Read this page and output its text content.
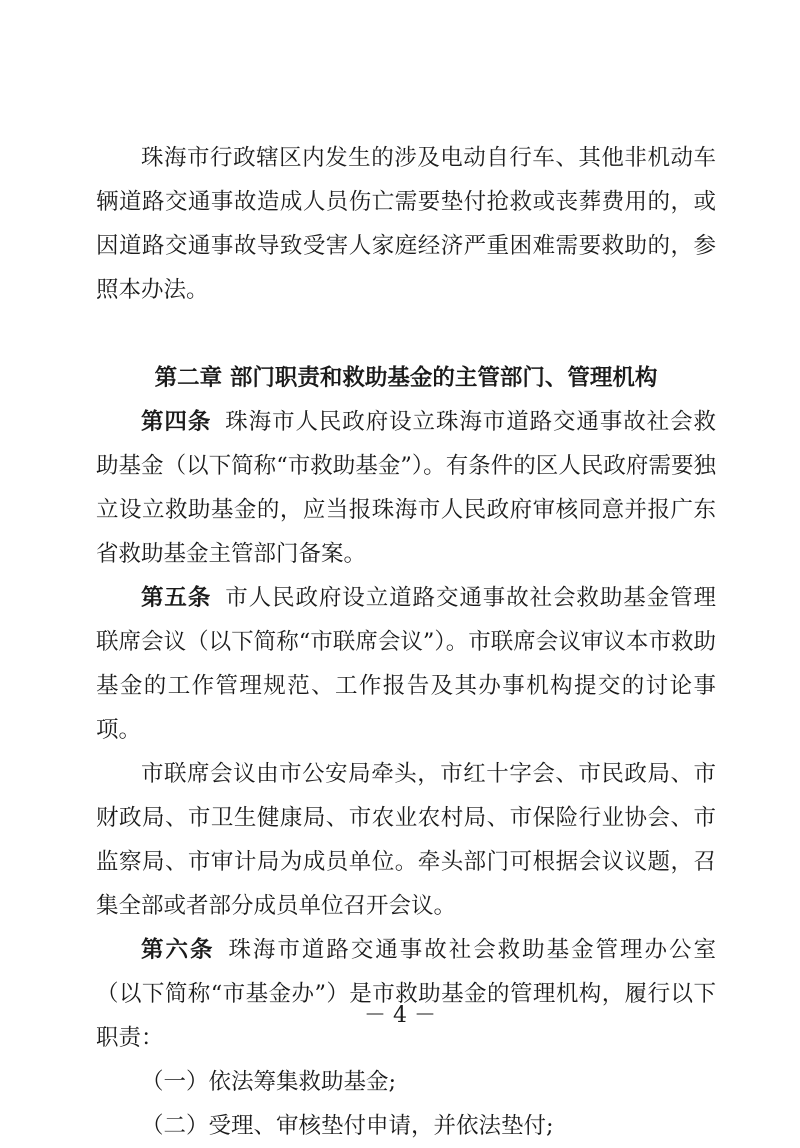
珠海市行政辖区内发生的涉及电动自行车、其他非机动车辆道路交通事故造成人员伤亡需要垫付抢救或丧葬费用的，或因道路交通事故导致受害人家庭经济严重困难需要救助的，参照本办法。

第二章 部门职责和救助基金的主管部门、管理机构

第四条 珠海市人民政府设立珠海市道路交通事故社会救助基金（以下简称“市救助基金”）。有条件的区人民政府需要独立设立救助基金的，应当报珠海市人民政府审核同意并报广东省救助基金主管部门备案。

第五条 市人民政府设立道路交通事故社会救助基金管理联席会议（以下简称“市联席会议”）。市联席会议审议本市救助基金的工作管理规范、工作报告及其办事机构提交的讨论事项。

市联席会议由市公安局牵头，市红十字会、市民政局、市财政局、市卫生健康局、市农业农村局、市保险行业协会、市监察局、市审计局为成员单位。牵头部门可根据会议议题，召集全部或者部分成员单位召开会议。

第六条 珠海市道路交通事故社会救助基金管理办公室（以下简称“市基金办”）是市救助基金的管理机构，履行以下职责：

（一）依法筹集救助基金;

（二）受理、审核垫付申请，并依法垫付;

－ 4 －
